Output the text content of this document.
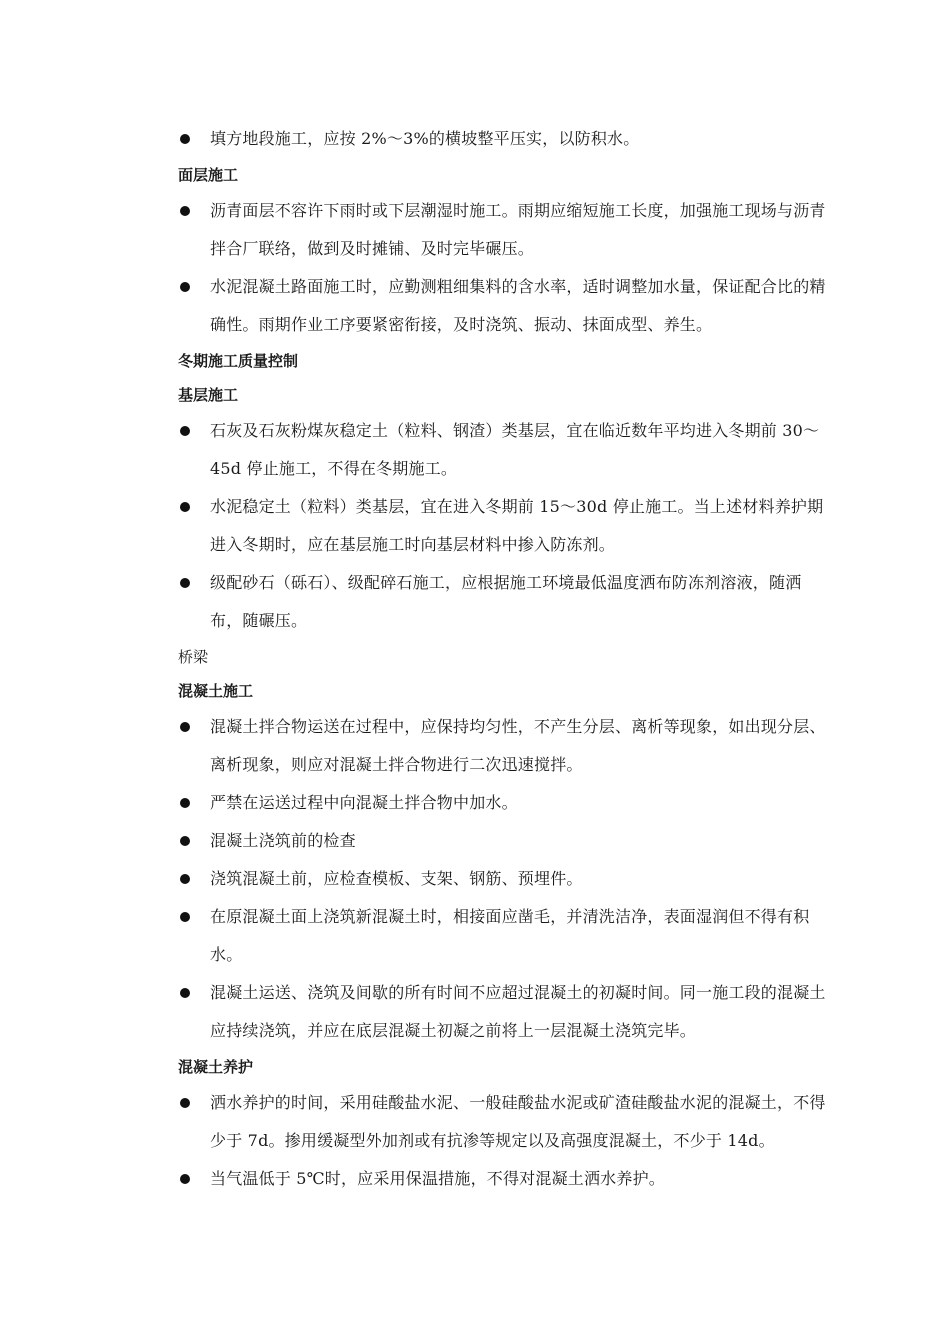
填方地段施工，应按 2%～3%的横坡整平压实，以防积水。

面层施工

沥青面层不容许下雨时或下层潮湿时施工。雨期应缩短施工长度，加强施工现场与沥青拌合厂联络，做到及时摊铺、及时完毕碾压。
水泥混凝土路面施工时，应勤测粗细集料的含水率，适时调整加水量，保证配合比的精确性。雨期作业工序要紧密衔接，及时浇筑、振动、抹面成型、养生。

冬期施工质量控制

基层施工

石灰及石灰粉煤灰稳定土（粒料、钢渣）类基层，宜在临近数年平均进入冬期前 30～45d 停止施工，不得在冬期施工。
水泥稳定土（粒料）类基层，宜在进入冬期前 15～30d 停止施工。当上述材料养护期进入冬期时，应在基层施工时向基层材料中掺入防冻剂。
级配砂石（砾石）、级配碎石施工，应根据施工环境最低温度洒布防冻剂溶液，随洒布，随碾压。

桥梁

混凝土施工

混凝土拌合物运送在过程中，应保持均匀性，不产生分层、离析等现象，如出现分层、离析现象，则应对混凝土拌合物进行二次迅速搅拌。
严禁在运送过程中向混凝土拌合物中加水。
混凝土浇筑前的检查
浇筑混凝土前，应检查模板、支架、钢筋、预埋件。
在原混凝土面上浇筑新混凝土时，相接面应凿毛，并清洗洁净，表面湿润但不得有积水。
混凝土运送、浇筑及间歇的所有时间不应超过混凝土的初凝时间。同一施工段的混凝土应持续浇筑，并应在底层混凝土初凝之前将上一层混凝土浇筑完毕。

混凝土养护

洒水养护的时间，采用硅酸盐水泥、一般硅酸盐水泥或矿渣硅酸盐水泥的混凝土，不得少于 7d。掺用缓凝型外加剂或有抗渗等规定以及高强度混凝土，不少于 14d。
当气温低于 5℃时，应采用保温措施，不得对混凝土洒水养护。
